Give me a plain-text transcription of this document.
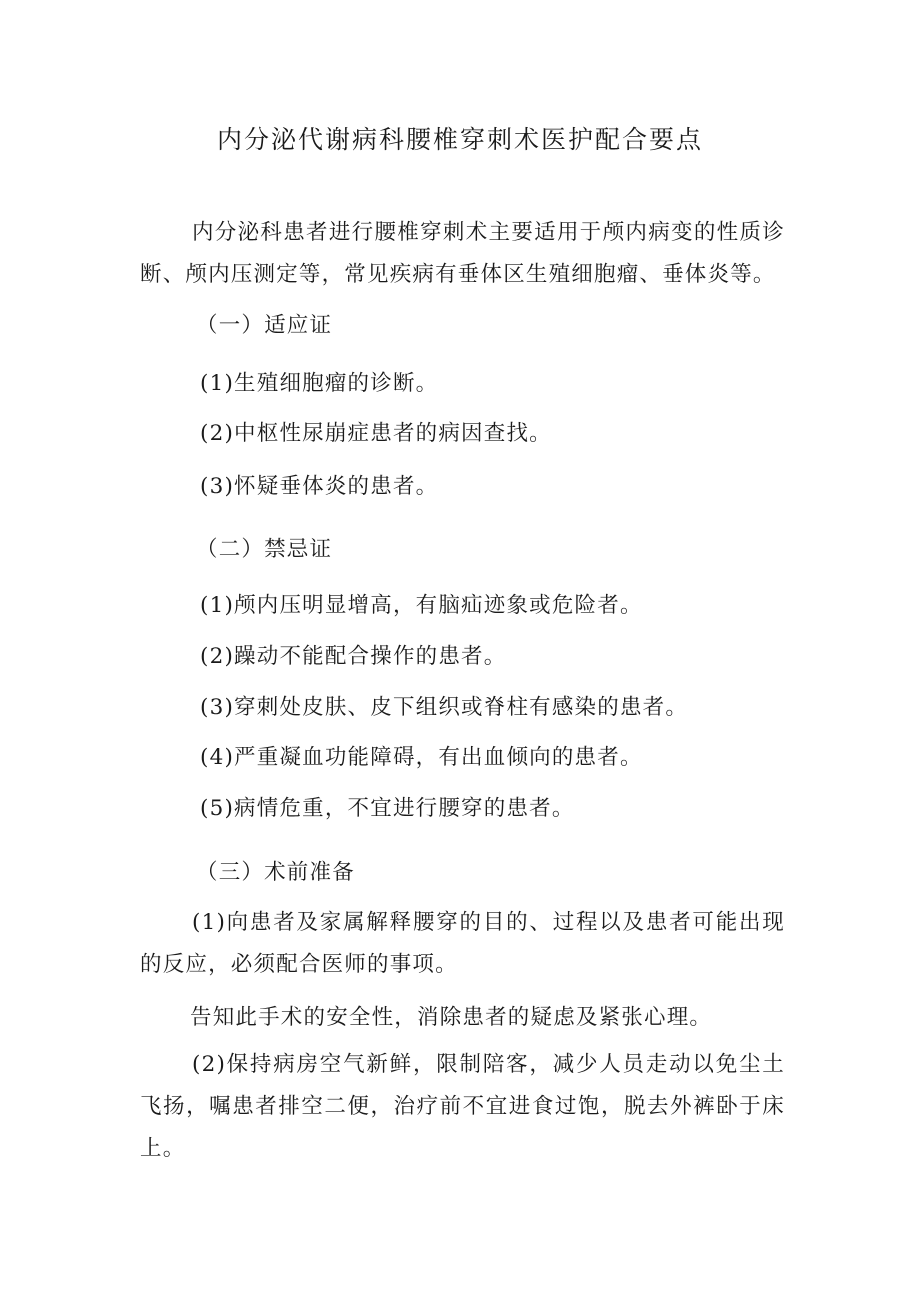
内分泌代谢病科腰椎穿刺术医护配合要点
内分泌科患者进行腰椎穿刺术主要适用于颅内病变的性质诊断、颅内压测定等，常见疾病有垂体区生殖细胞瘤、垂体炎等。
（一）适应证
(1)生殖细胞瘤的诊断。
(2)中枢性尿崩症患者的病因查找。
(3)怀疑垂体炎的患者。
（二）禁忌证
(1)颅内压明显增高，有脑疝迹象或危险者。
(2)躁动不能配合操作的患者。
(3)穿刺处皮肤、皮下组织或脊柱有感染的患者。
(4)严重凝血功能障碍，有出血倾向的患者。
(5)病情危重，不宜进行腰穿的患者。
（三）术前准备
(1)向患者及家属解释腰穿的目的、过程以及患者可能出现的反应，必须配合医师的事项。
告知此手术的安全性，消除患者的疑虑及紧张心理。
(2)保持病房空气新鲜，限制陪客，减少人员走动以免尘土飞扬，嘱患者排空二便，治疗前不宜进食过饱，脱去外裤卧于床上。
